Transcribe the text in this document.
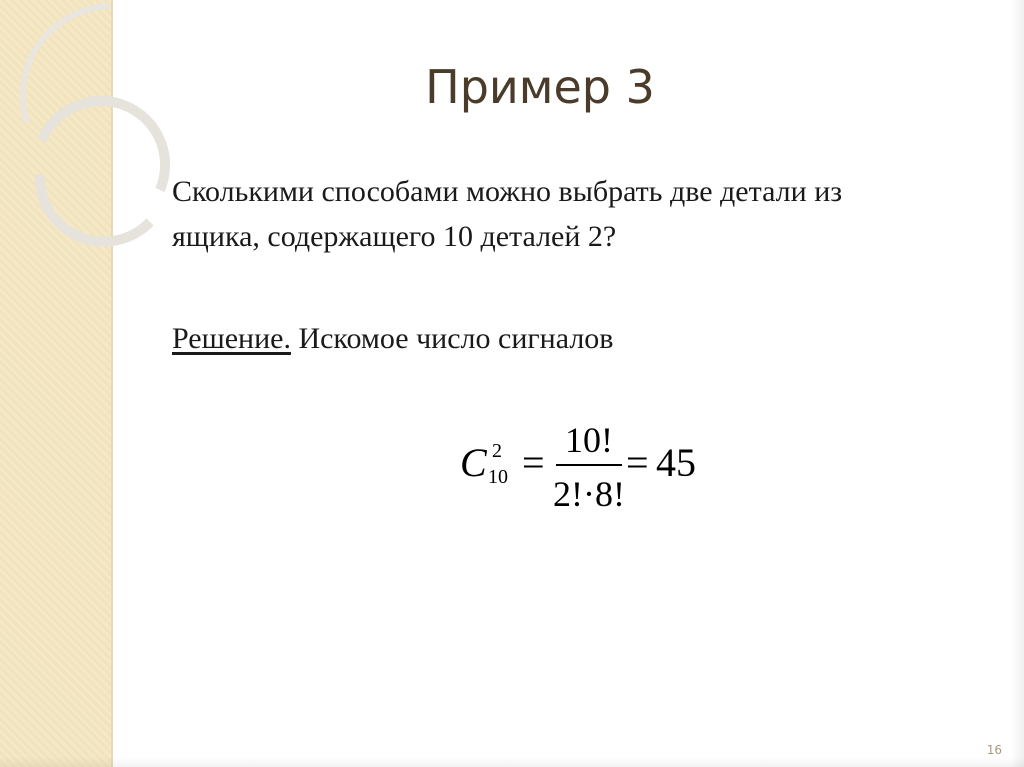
Пример 3
Сколькими способами можно выбрать две детали из
ящика, содержащего 10 деталей 2?
Решение. Искомое число сигналов
C 2
10 = 10!
2!·8!
= 45
16
